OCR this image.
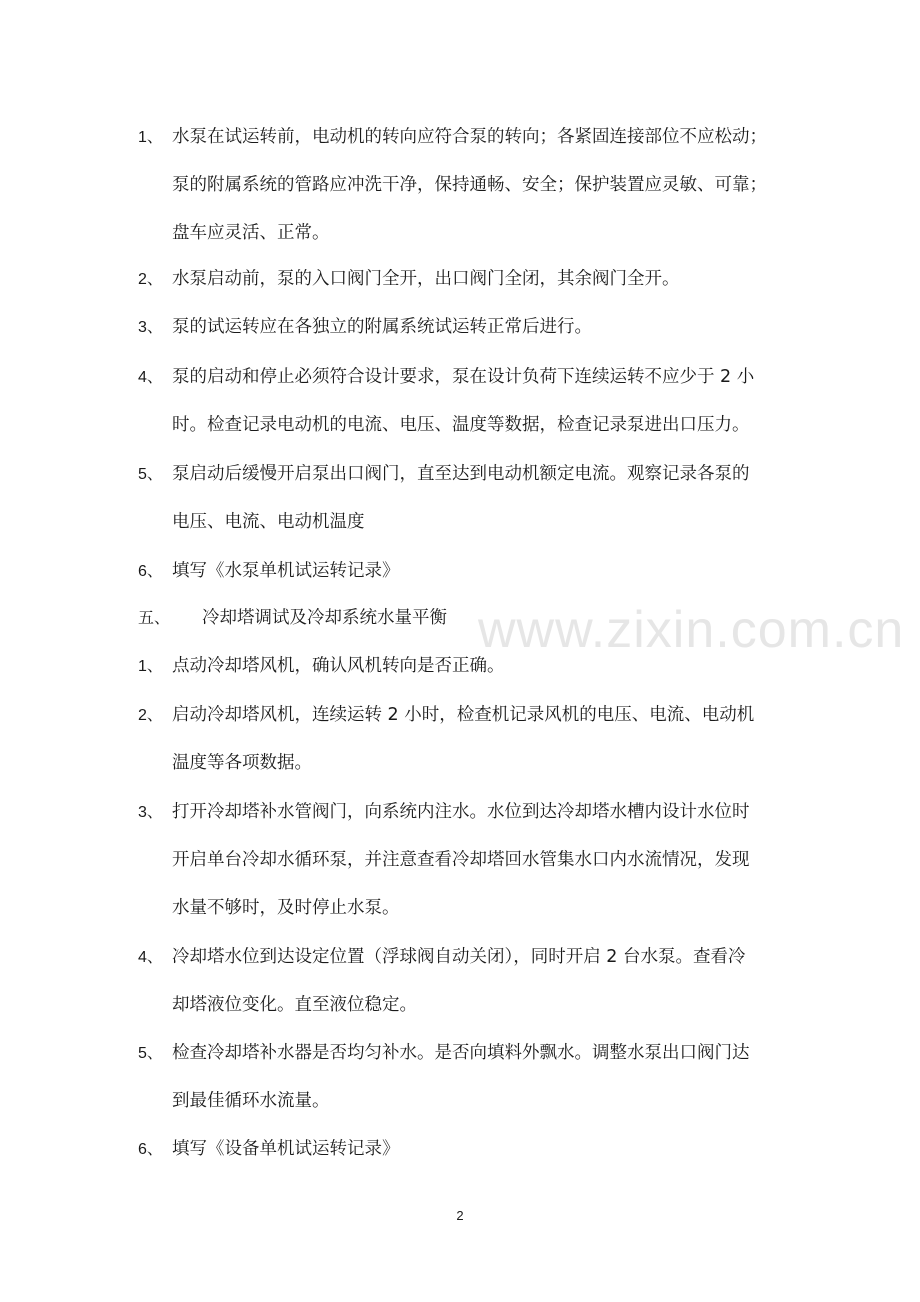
www.zixin.com.cn
1、 水泵在试运转前，电动机的转向应符合泵的转向；各紧固连接部位不应松动；
泵的附属系统的管路应冲洗干净，保持通畅、安全；保护装置应灵敏、可靠；
盘车应灵活、正常。
2、 水泵启动前，泵的入口阀门全开，出口阀门全闭，其余阀门全开。
3、 泵的试运转应在各独立的附属系统试运转正常后进行。
4、 泵的启动和停止必须符合设计要求，泵在设计负荷下连续运转不应少于 2 小
时。检查记录电动机的电流、电压、温度等数据，检查记录泵进出口压力。
5、 泵启动后缓慢开启泵出口阀门，直至达到电动机额定电流。观察记录各泵的
电压、电流、电动机温度
6、 填写《水泵单机试运转记录》
五、 冷却塔调试及冷却系统水量平衡
1、 点动冷却塔风机，确认风机转向是否正确。
2、 启动冷却塔风机，连续运转 2 小时，检查机记录风机的电压、电流、电动机
温度等各项数据。
3、 打开冷却塔补水管阀门，向系统内注水。水位到达冷却塔水槽内设计水位时
开启单台冷却水循环泵，并注意查看冷却塔回水管集水口内水流情况，发现
水量不够时，及时停止水泵。
4、 冷却塔水位到达设定位置（浮球阀自动关闭），同时开启 2 台水泵。查看冷
却塔液位变化。直至液位稳定。
5、 检查冷却塔补水器是否均匀补水。是否向填料外飘水。调整水泵出口阀门达
到最佳循环水流量。
6、 填写《设备单机试运转记录》
2
